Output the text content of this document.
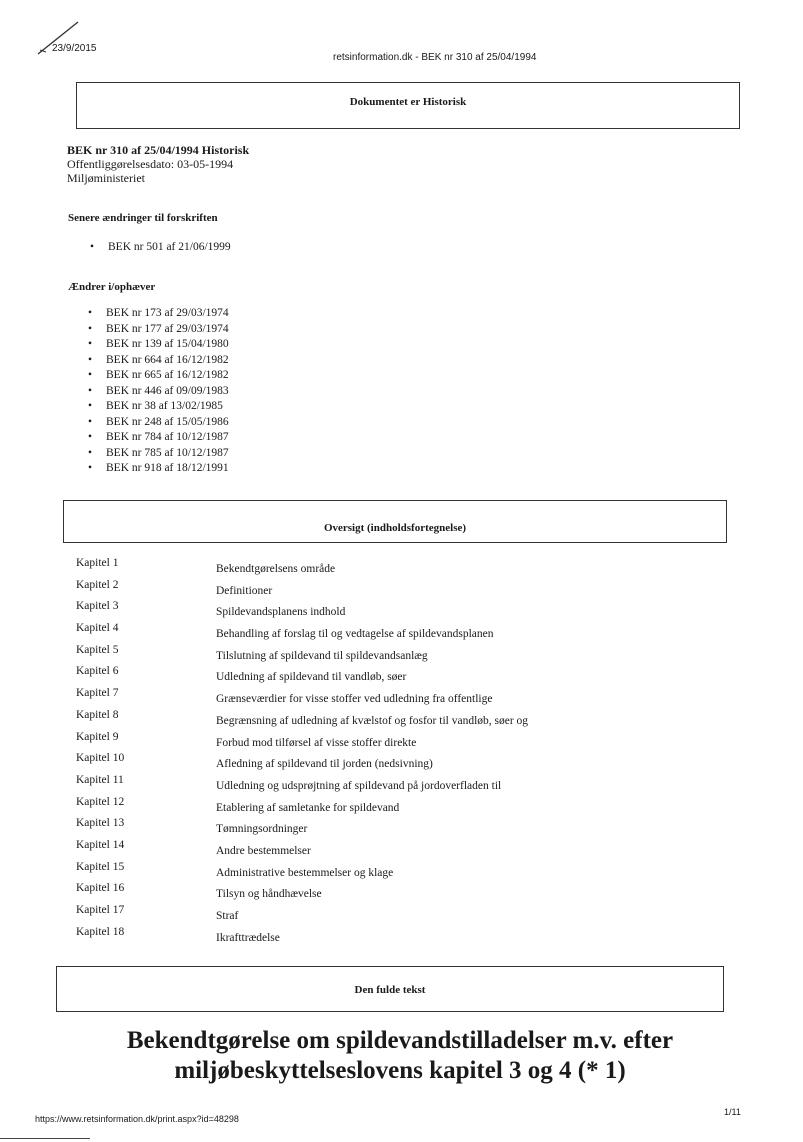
23/9/2015
retsinformation.dk - BEK nr 310 af 25/04/1994
Dokumentet er Historisk
BEK nr 310 af 25/04/1994 Historisk
Offentliggørelsesdato: 03-05-1994
Miljøministeriet
Senere ændringer til forskriften
• BEK nr 501 af 21/06/1999
Ændrer i/ophæver
• BEK nr 173 af 29/03/1974
• BEK nr 177 af 29/03/1974
• BEK nr 139 af 15/04/1980
• BEK nr 664 af 16/12/1982
• BEK nr 665 af 16/12/1982
• BEK nr 446 af 09/09/1983
• BEK nr 38 af 13/02/1985
• BEK nr 248 af 15/05/1986
• BEK nr 784 af 10/12/1987
• BEK nr 785 af 10/12/1987
• BEK nr 918 af 18/12/1991
Oversigt (indholdsfortegnelse)
Kapitel 1	Bekendtgørelsens område
Kapitel 2	Definitioner
Kapitel 3	Spildevandsplanens indhold
Kapitel 4	Behandling af forslag til og vedtagelse af spildevandsplanen
Kapitel 5	Tilslutning af spildevand til spildevandsanlæg
Kapitel 6	Udledning af spildevand til vandløb, søer
Kapitel 7	Grænseværdier for visse stoffer ved udledning fra offentlige
Kapitel 8	Begrænsning af udledning af kvælstof og fosfor til vandløb, søer og
Kapitel 9	Forbud mod tilførsel af visse stoffer direkte
Kapitel 10	Afledning af spildevand til jorden (nedsivning)
Kapitel 11	Udledning og udsprøjtning af spildevand på jordoverfladen til
Kapitel 12	Etablering af samletanke for spildevand
Kapitel 13	Tømningsordninger
Kapitel 14	Andre bestemmelser
Kapitel 15	Administrative bestemmelser og klage
Kapitel 16	Tilsyn og håndhævelse
Kapitel 17	Straf
Kapitel 18	Ikrafttrædelse
Den fulde tekst
Bekendtgørelse om spildevandstilladelser m.v. efter
miljøbeskyttelseslovens kapitel 3 og 4 (* 1)
https://www.retsinformation.dk/print.aspx?id=48298
1/11
